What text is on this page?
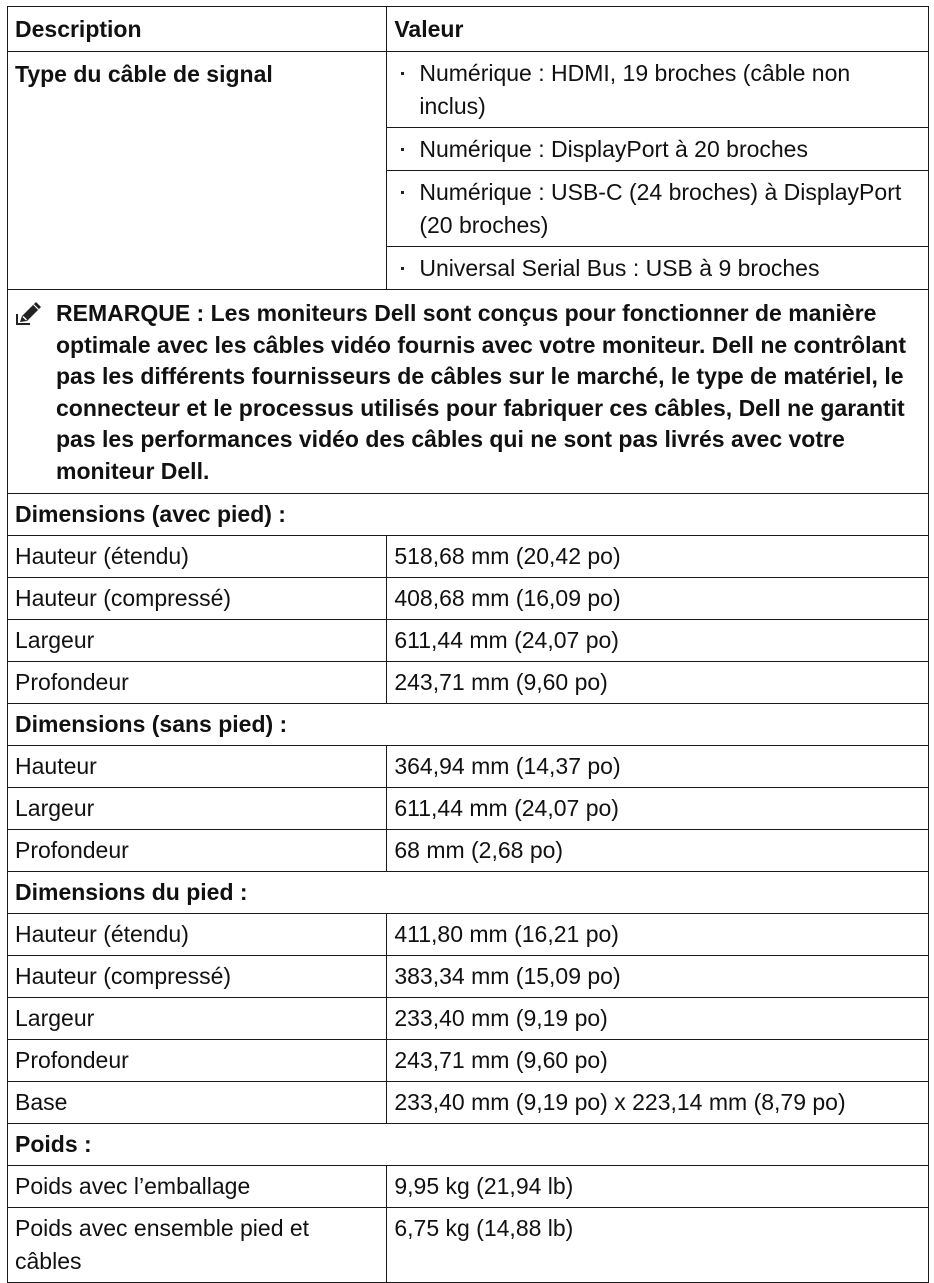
Description	Valeur
Type du câble de signal	Numérique : HDMI, 19 broches (câble non inclus)
Numérique : DisplayPort à 20 broches
Numérique : USB-C (24 broches) à DisplayPort (20 broches)
Universal Serial Bus : USB à 9 broches

REMARQUE : Les moniteurs Dell sont conçus pour fonctionner de manière optimale avec les câbles vidéo fournis avec votre moniteur. Dell ne contrôlant pas les différents fournisseurs de câbles sur le marché, le type de matériel, le connecteur et le processus utilisés pour fabriquer ces câbles, Dell ne garantit pas les performances vidéo des câbles qui ne sont pas livrés avec votre moniteur Dell.	
Dimensions (avec pied) :	
Hauteur (étendu)	518,68 mm (20,42 po)
Hauteur (compressé)	408,68 mm (16,09 po)
Largeur	611,44 mm (24,07 po)
Profondeur	243,71 mm (9,60 po)
Dimensions (sans pied) :	
Hauteur	364,94 mm (14,37 po)
Largeur	611,44 mm (24,07 po)
Profondeur	68 mm (2,68 po)
Dimensions du pied :	
Hauteur (étendu)	411,80 mm (16,21 po)
Hauteur (compressé)	383,34 mm (15,09 po)
Largeur	233,40 mm (9,19 po)
Profondeur	243,71 mm (9,60 po)
Base	233,40 mm (9,19 po) x 223,14 mm (8,79 po)
Poids :	
Poids avec l’emballage	9,95 kg (21,94 lb)
Poids avec ensemble pied et câbles	6,75 kg (14,88 lb)
